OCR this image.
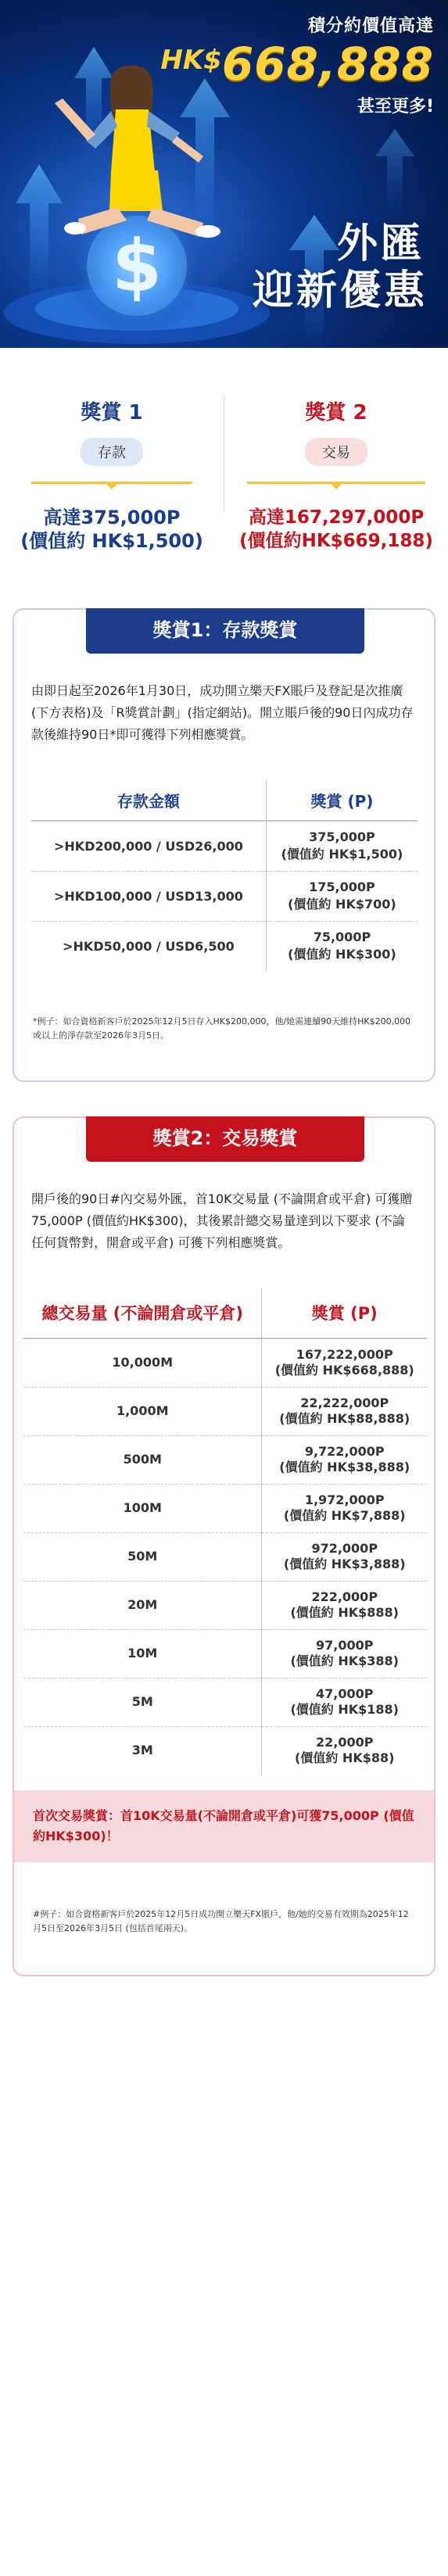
$
積分約價值高達
HK$668,888
甚至更多!
外匯
迎新優惠
獎賞 1
存款
高達375,000P
(價值約 HK$1,500)
獎賞 2
交易
高達167,297,000P
(價值約HK$669,188)
獎賞1：存款獎賞
由即日起至2026年1月30日，成功開立樂天FX賬戶及登記是次推廣(下方表格)及「R獎賞計劃」(指定網站)。開立賬戶後的90日內成功存款後維持90日*即可獲得下列相應獎賞。
存款金額	獎賞 (P)
>HKD200,000 / USD26,000	375,000P
(價值約 HK$1,500)

>HKD100,000 / USD13,000	175,000P
(價值約 HK$700)

>HKD50,000 / USD6,500	75,000P
(價值約 HK$300)
*例子：如合資格新客戶於2025年12月5日存入HK$200,000，他/她需連續90天維持HK$200,000或以上的淨存款至2026年3月5日。
獎賞2：交易獎賞
開戶後的90日#內交易外匯，首10K交易量 (不論開倉或平倉) 可獲贈75,000P (價值約HK$300)，其後累計總交易量達到以下要求 (不論任何貨幣對，開倉或平倉) 可獲下列相應獎賞。
總交易量 (不論開倉或平倉)	獎賞 (P)
10,000M	167,222,000P
(價值約 HK$668,888)

1,000M	22,222,000P
(價值約 HK$88,888)

500M	9,722,000P
(價值約 HK$38,888)

100M	1,972,000P
(價值約 HK$7,888)

50M	972,000P
(價值約 HK$3,888)

20M	222,000P
(價值約 HK$888)

10M	97,000P
(價值約 HK$388)

5M	47,000P
(價值約 HK$188)

3M	22,000P
(價值約 HK$88)
首次交易獎賞：首10K交易量(不論開倉或平倉)可獲75,000P (價值約HK$300)！
#例子：如合資格新客戶於2025年12月5日成功開立樂天FX賬戶，他/她的交易有效期為2025年12月5日至2026年3月5日 (包括首尾兩天)。
